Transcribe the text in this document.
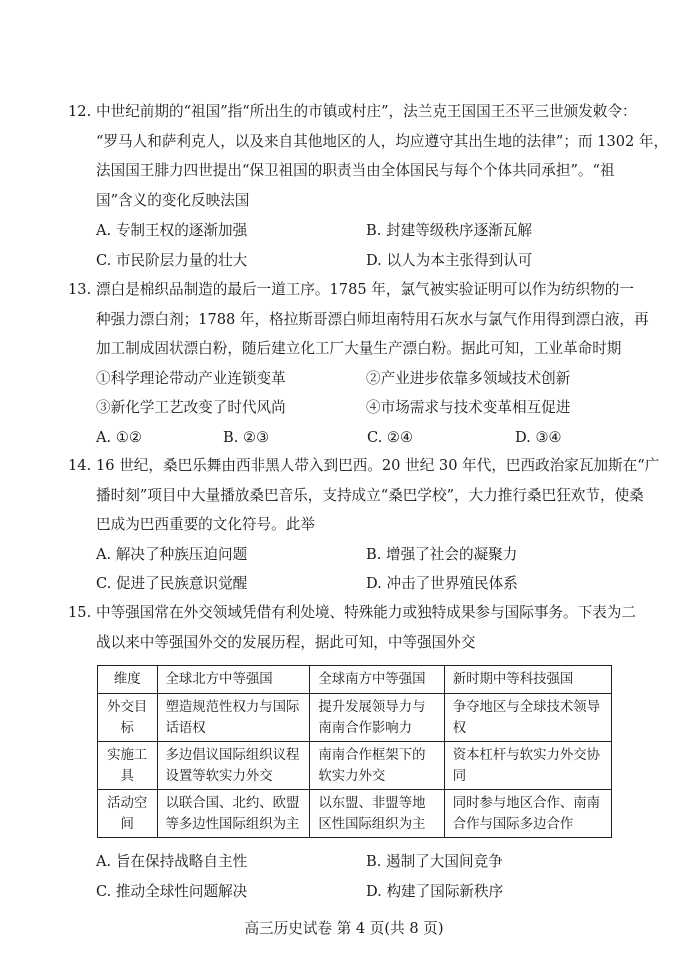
12. 中世纪前期的“祖国”指“所出生的市镇或村庄”，法兰克王国国王丕平三世颁发敕令：
“罗马人和萨利克人，以及来自其他地区的人，均应遵守其出生地的法律”；而 1302 年，
法国国王腓力四世提出“保卫祖国的职责当由全体国民与每个个体共同承担”。“祖
国”含义的变化反映法国
A. 专制王权的逐渐加强	B. 封建等级秩序逐渐瓦解
C. 市民阶层力量的壮大	D. 以人为本主张得到认可
13. 漂白是棉织品制造的最后一道工序。1785 年，氯气被实验证明可以作为纺织物的一
种强力漂白剂；1788 年，格拉斯哥漂白师坦南特用石灰水与氯气作用得到漂白液，再
加工制成固状漂白粉，随后建立化工厂大量生产漂白粉。据此可知，工业革命时期
①科学理论带动产业连锁变革	②产业进步依靠多领域技术创新
③新化学工艺改变了时代风尚	④市场需求与技术变革相互促进
A. ①②	B. ②③	C. ②④	D. ③④
14. 16 世纪，桑巴乐舞由西非黑人带入到巴西。20 世纪 30 年代，巴西政治家瓦加斯在“广
播时刻”项目中大量播放桑巴音乐，支持成立“桑巴学校”，大力推行桑巴狂欢节，使桑
巴成为巴西重要的文化符号。此举
A. 解决了种族压迫问题	B. 增强了社会的凝聚力
C. 促进了民族意识觉醒	D. 冲击了世界殖民体系
15. 中等强国常在外交领域凭借有利处境、特殊能力或独特成果参与国际事务。下表为二
战以来中等强国外交的发展历程，据此可知，中等强国外交
维度	全球北方中等强国	全球南方中等强国	新时期中等科技强国
外交目标	塑造规范性权力与国际话语权	提升发展领导力与南南合作影响力	争夺地区与全球技术领导权
实施工具	多边倡议国际组织议程设置等软实力外交	南南合作框架下的软实力外交	资本杠杆与软实力外交协同
活动空间	以联合国、北约、欧盟等多边性国际组织为主	以东盟、非盟等地区性国际组织为主	同时参与地区合作、南南合作与国际多边合作
A. 旨在保持战略自主性	B. 遏制了大国间竞争
C. 推动全球性问题解决	D. 构建了国际新秩序
高三历史试卷 第 4 页(共 8 页)
